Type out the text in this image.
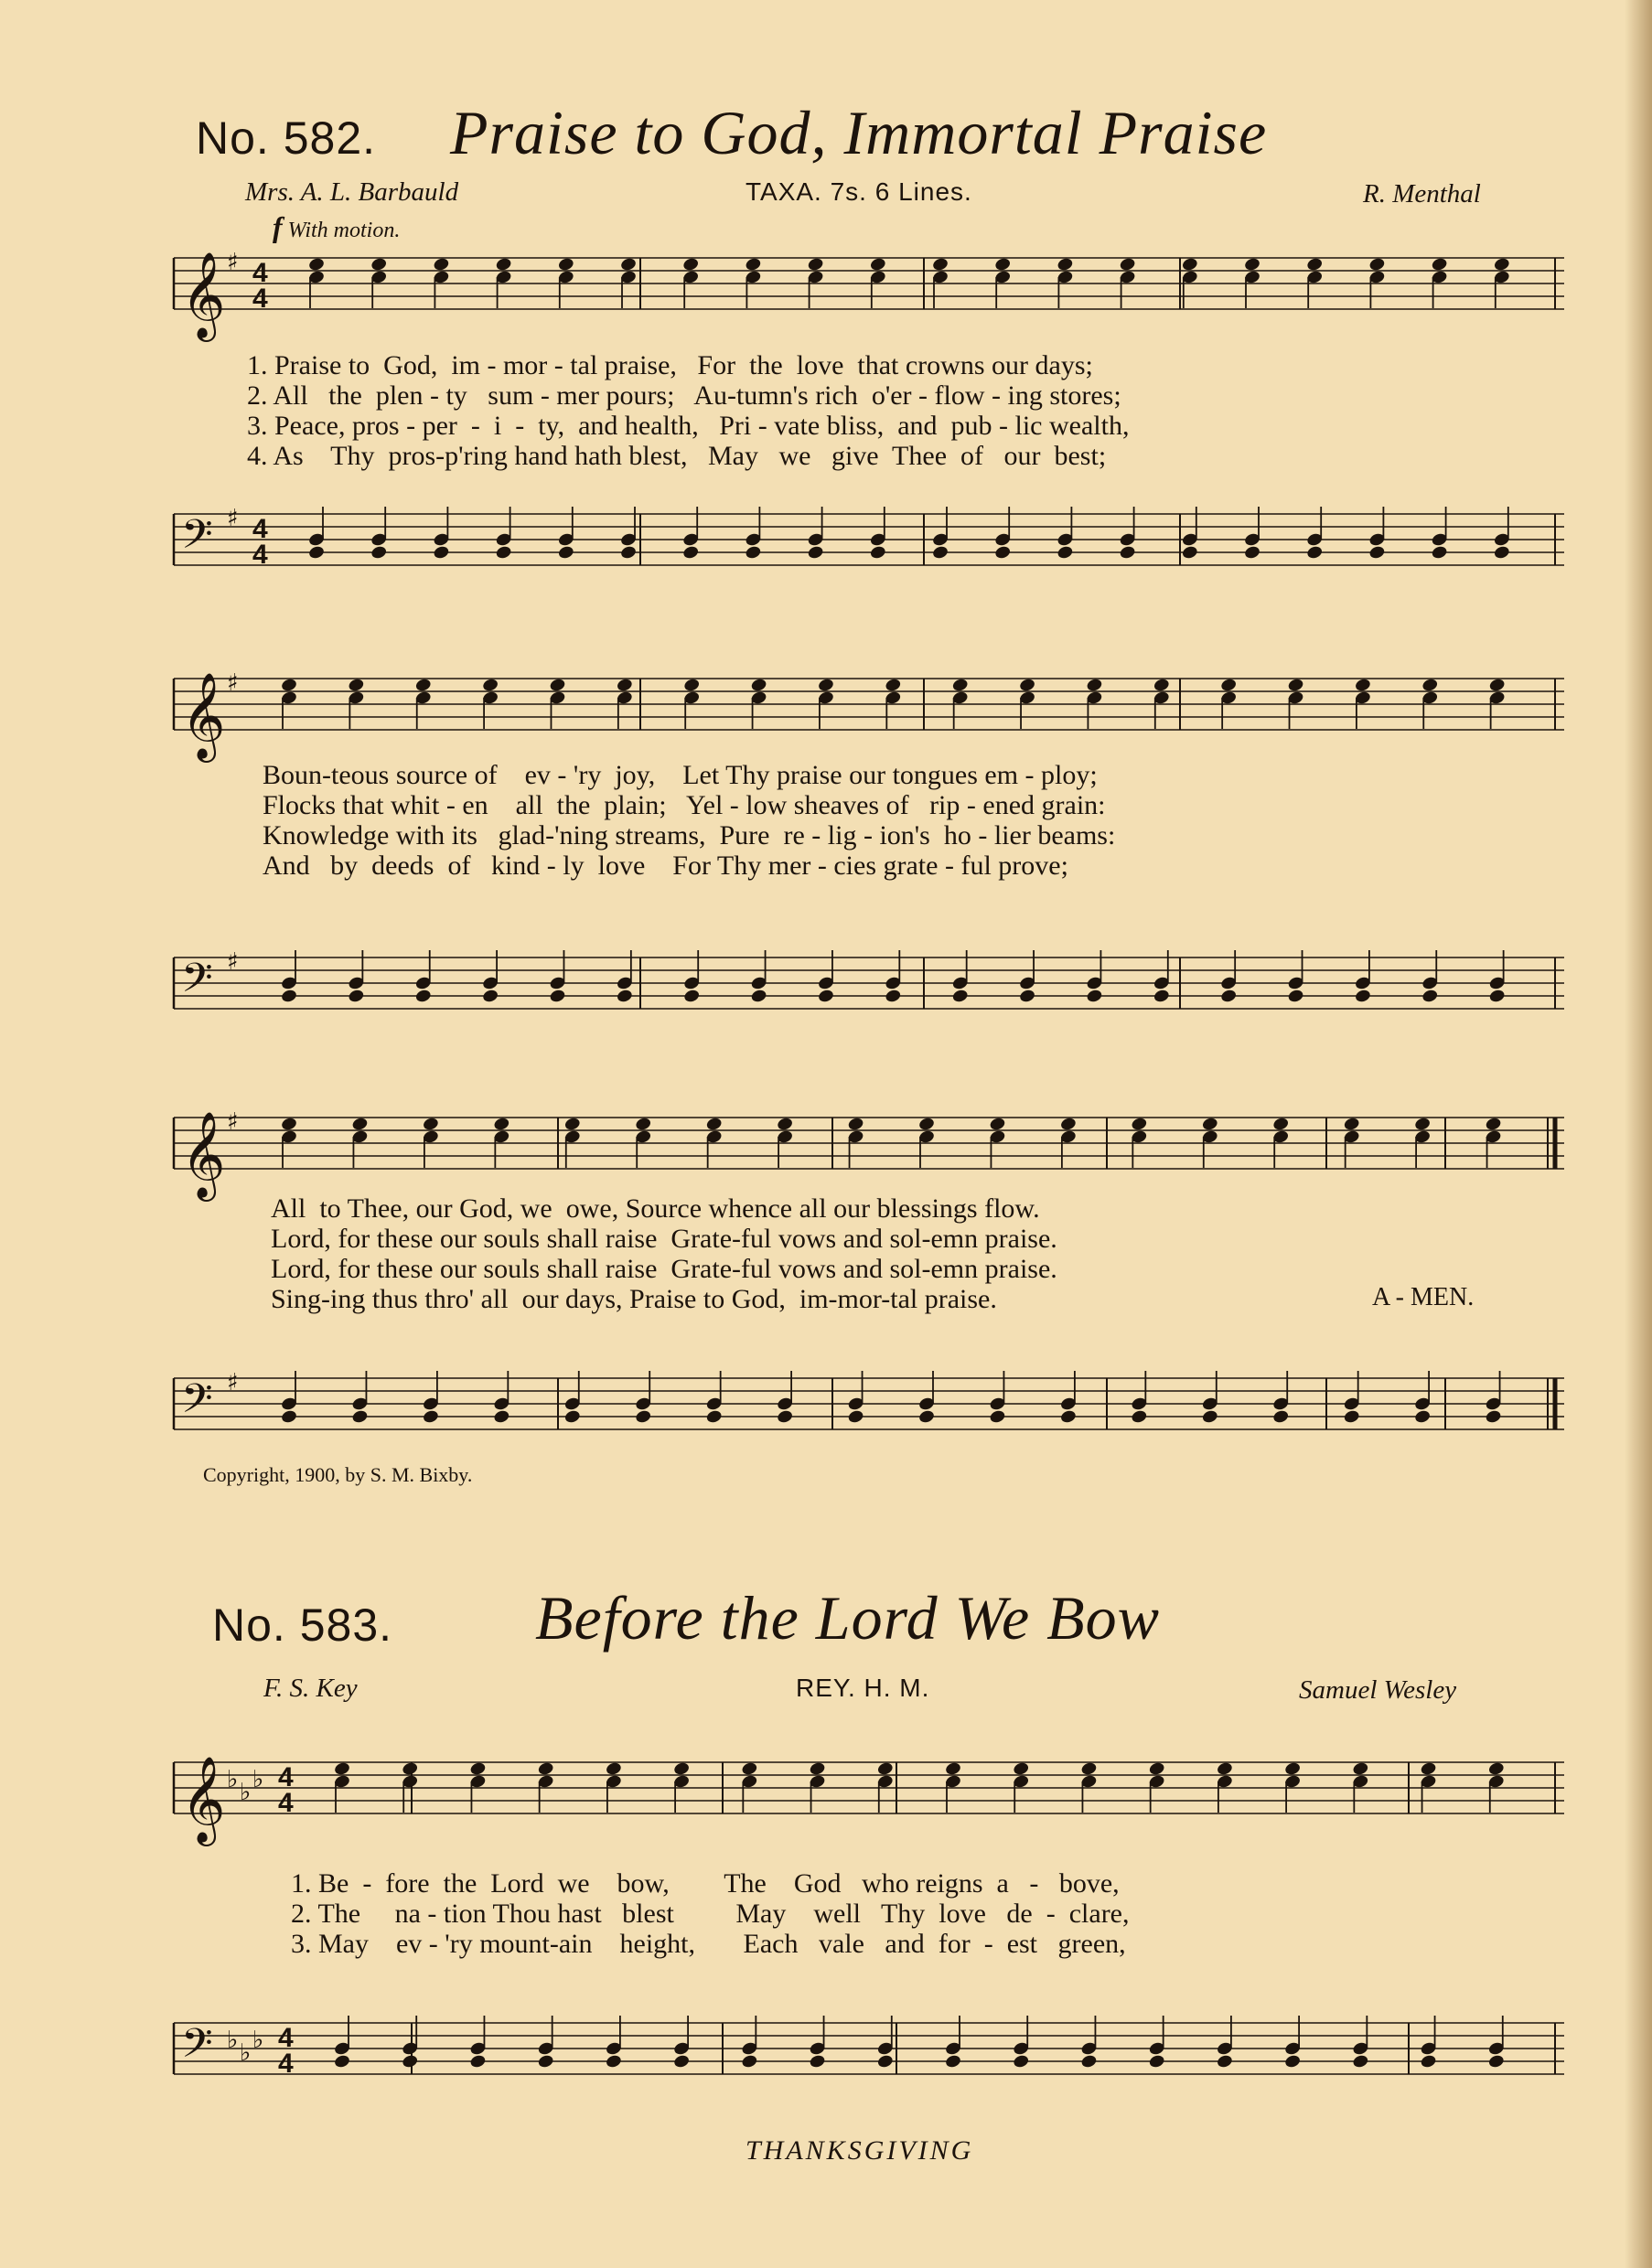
No. 582. Praise to God, Immortal Praise
Mrs. A. L. Barbauld	TAXA. 7s. 6 Lines.	R. Menthal
f With motion.
𝄞 ♯ 4
4
𝄢 ♯ 4
4
1. Praise to  God,  im - mor - tal praise,   For  the  love  that crowns our days;
2. All   the  plen - ty   sum - mer pours;   Au-tumn's rich  o'er - flow - ing stores;
3. Peace, pros - per  -  i  -  ty,  and health,   Pri - vate bliss,  and  pub - lic wealth,
4. As    Thy  pros-p'ring hand hath blest,   May   we   give  Thee  of   our  best;
𝄞 ♯
𝄢 ♯
Boun-teous source of    ev - 'ry  joy,    Let Thy praise our tongues em - ploy;
Flocks that whit - en    all  the  plain;   Yel - low sheaves of   rip - ened grain:
Knowledge with its   glad-'ning streams,  Pure  re - lig - ion's  ho - lier beams:
And   by  deeds  of   kind - ly  love    For Thy mer - cies grate - ful prove;
𝄞 ♯
𝄢 ♯
All  to Thee, our God, we  owe, Source whence all our blessings flow.
Lord, for these our souls shall raise  Grate-ful vows and sol-emn praise.
Lord, for these our souls shall raise  Grate-ful vows and sol-emn praise.
Sing-ing thus thro' all  our days, Praise to God,  im-mor-tal praise.	A - MEN.
Copyright, 1900, by S. M. Bixby.
No. 583. Before the Lord We Bow
F. S. Key	REY. H. M.	Samuel Wesley
𝄞 ♭ ♭ ♭ 4
4
𝄢 ♭ ♭ ♭ 4
4
1. Be  -  fore  the  Lord  we    bow,        The    God   who reigns  a   -   bove,
2. The     na - tion Thou hast   blest         May    well   Thy  love   de  -  clare,
3. May    ev - 'ry mount-ain    height,       Each   vale   and  for  -  est   green,
THANKSGIVING
